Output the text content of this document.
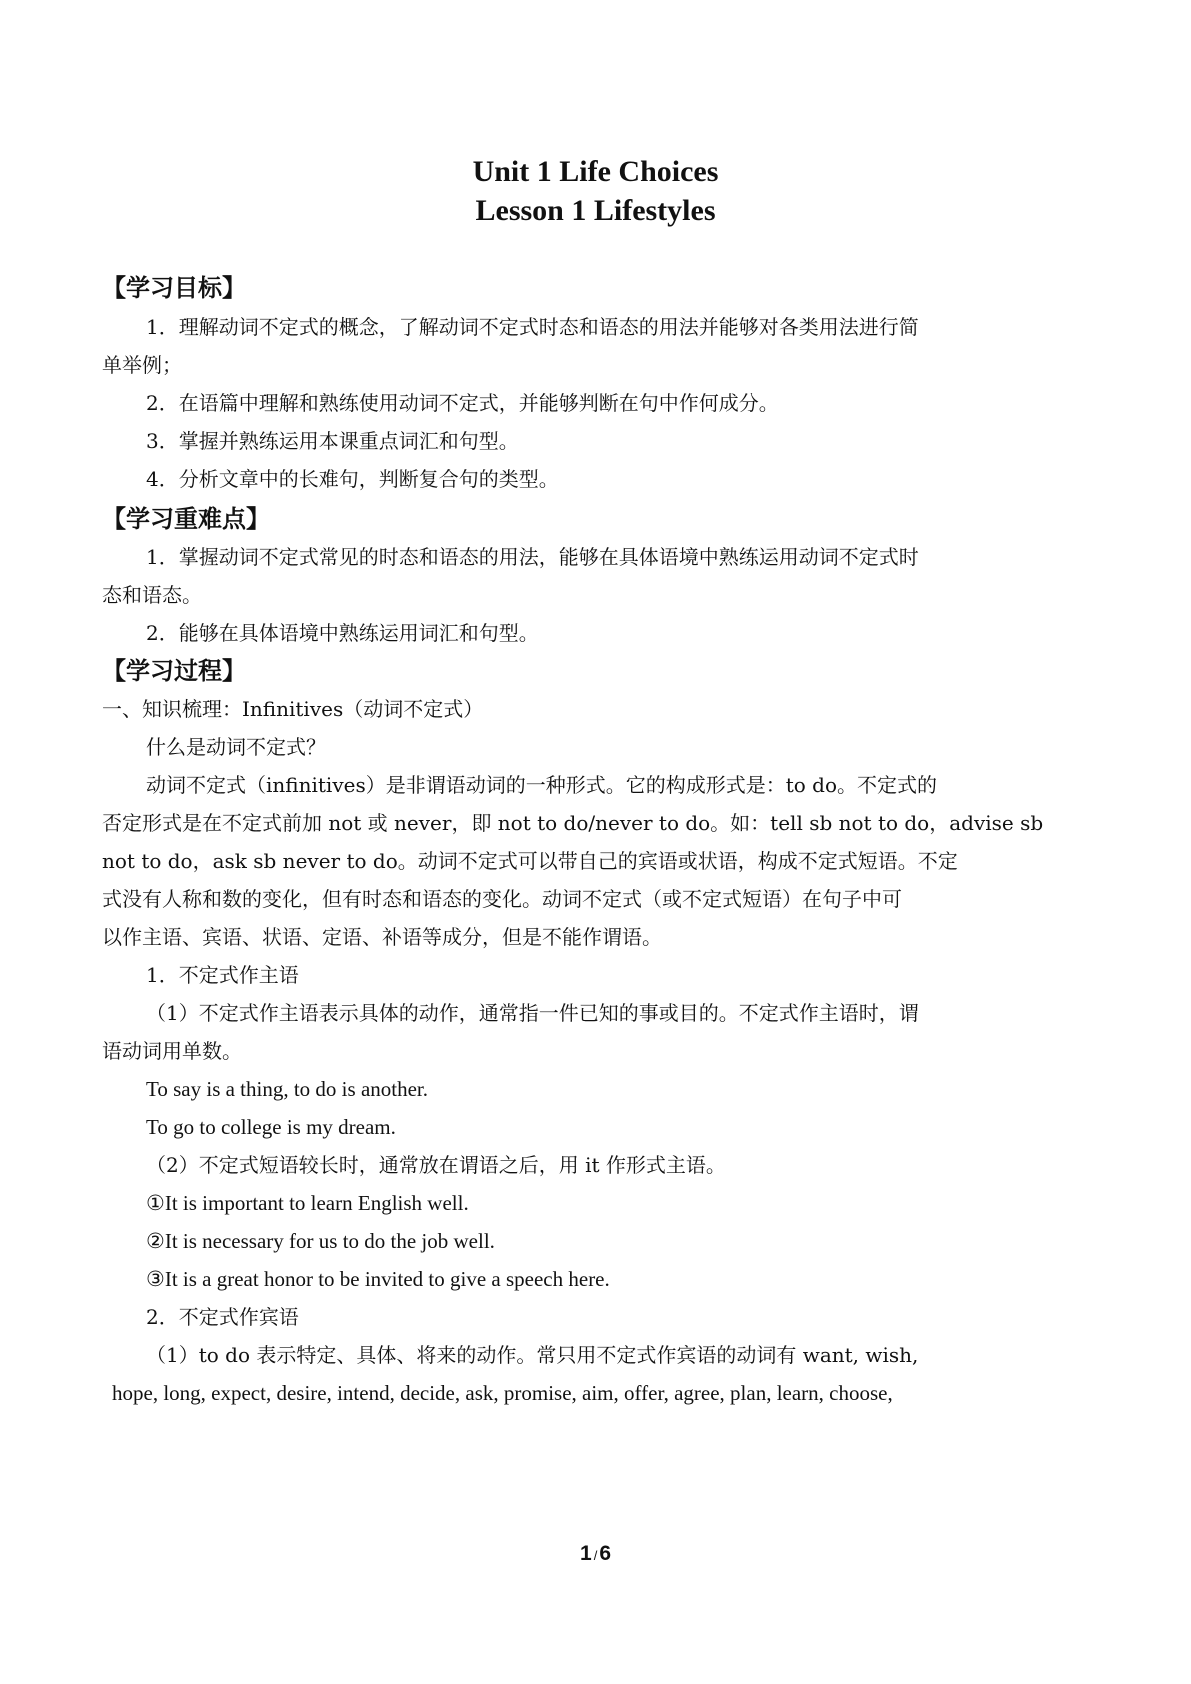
Unit 1 Life Choices
Lesson 1 Lifestyles
【学习目标】
1．理解动词不定式的概念，了解动词不定式时态和语态的用法并能够对各类用法进行简
单举例；
2．在语篇中理解和熟练使用动词不定式，并能够判断在句中作何成分。
3．掌握并熟练运用本课重点词汇和句型。
4．分析文章中的长难句，判断复合句的类型。
【学习重难点】
1．掌握动词不定式常见的时态和语态的用法，能够在具体语境中熟练运用动词不定式时
态和语态。
2．能够在具体语境中熟练运用词汇和句型。
【学习过程】
一、知识梳理：Infinitives（动词不定式）
什么是动词不定式？
动词不定式（infinitives）是非谓语动词的一种形式。它的构成形式是：to do。不定式的
否定形式是在不定式前加 not 或 never，即 not to do/never to do。如：tell sb not to do，advise sb
not to do，ask sb never to do。动词不定式可以带自己的宾语或状语，构成不定式短语。不定
式没有人称和数的变化，但有时态和语态的变化。动词不定式（或不定式短语）在句子中可
以作主语、宾语、状语、定语、补语等成分，但是不能作谓语。
1．不定式作主语
（1）不定式作主语表示具体的动作，通常指一件已知的事或目的。不定式作主语时，谓
语动词用单数。
To say is a thing, to do is another.
To go to college is my dream.
（2）不定式短语较长时，通常放在谓语之后，用 it 作形式主语。
①It is important to learn English well.
②It is necessary for us to do the job well.
③It is a great honor to be invited to give a speech here.
2．不定式作宾语
（1）to do 表示特定、具体、将来的动作。常只用不定式作宾语的动词有 want, wish,
hope, long, expect, desire, intend, decide, ask, promise, aim, offer, agree, plan, learn, choose,
1 /6
